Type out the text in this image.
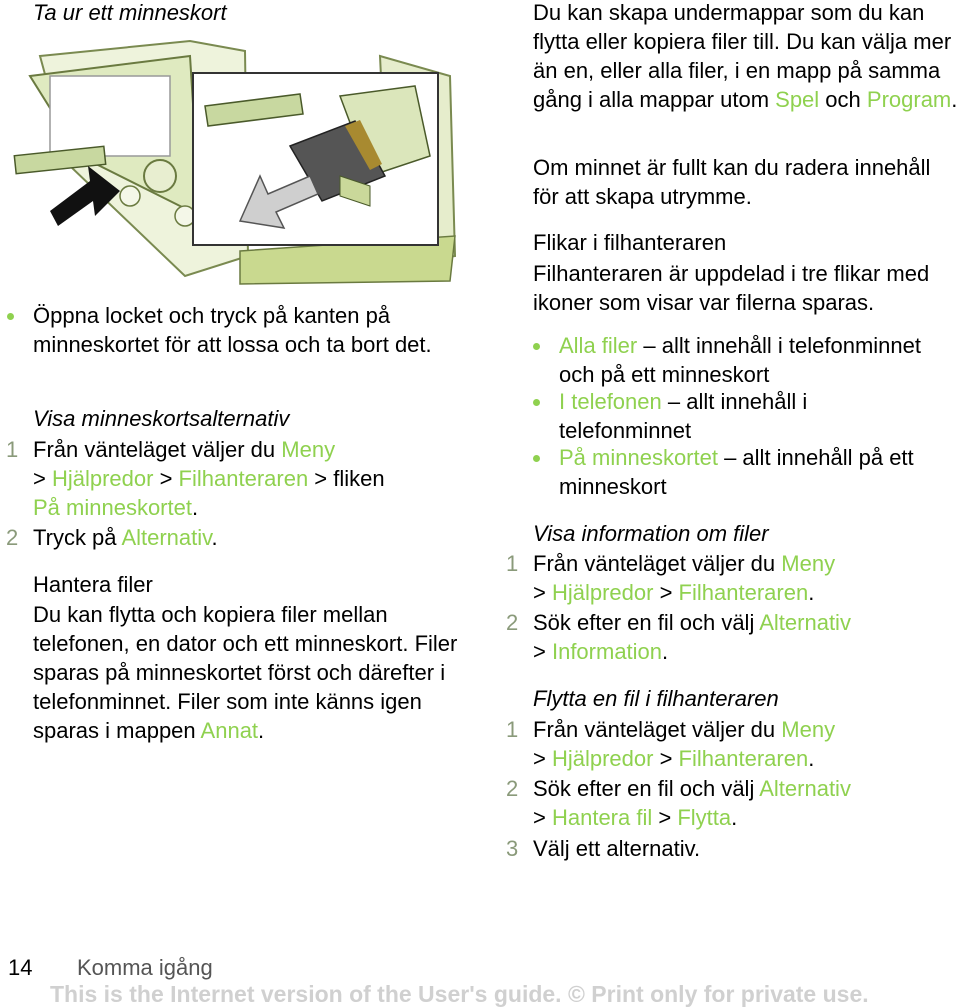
Ta ur ett minneskort
Öppna locket och tryck på kanten på minneskortet för att lossa och ta bort det.
Visa minneskortsalternativ
1 Från vänteläget väljer du Meny
> Hjälpredor > Filhanteraren > fliken
På minneskortet.
2 Tryck på Alternativ.
Hantera filer
Du kan flytta och kopiera filer mellan telefonen, en dator och ett minneskort. Filer sparas på minneskortet först och därefter i telefonminnet. Filer som inte känns igen sparas i mappen Annat.
Du kan skapa undermappar som du kan flytta eller kopiera filer till. Du kan välja mer än en, eller alla filer, i en mapp på samma gång i alla mappar utom Spel och Program.
Om minnet är fullt kan du radera innehåll för att skapa utrymme.
Flikar i filhanteraren
Filhanteraren är uppdelad i tre flikar med ikoner som visar var filerna sparas.
Alla filer – allt innehåll i telefonminnet och på ett minneskort
I telefonen – allt innehåll i telefonminnet
På minneskortet – allt innehåll på ett minneskort
Visa information om filer
1 Från vänteläget väljer du Meny
> Hjälpredor > Filhanteraren.
2 Sök efter en fil och välj Alternativ
> Information.
Flytta en fil i filhanteraren
1 Från vänteläget väljer du Meny
> Hjälpredor > Filhanteraren.
2 Sök efter en fil och välj Alternativ
> Hantera fil > Flytta.
3 Välj ett alternativ.
14 Komma igång
This is the Internet version of the User's guide. © Print only for private use.
